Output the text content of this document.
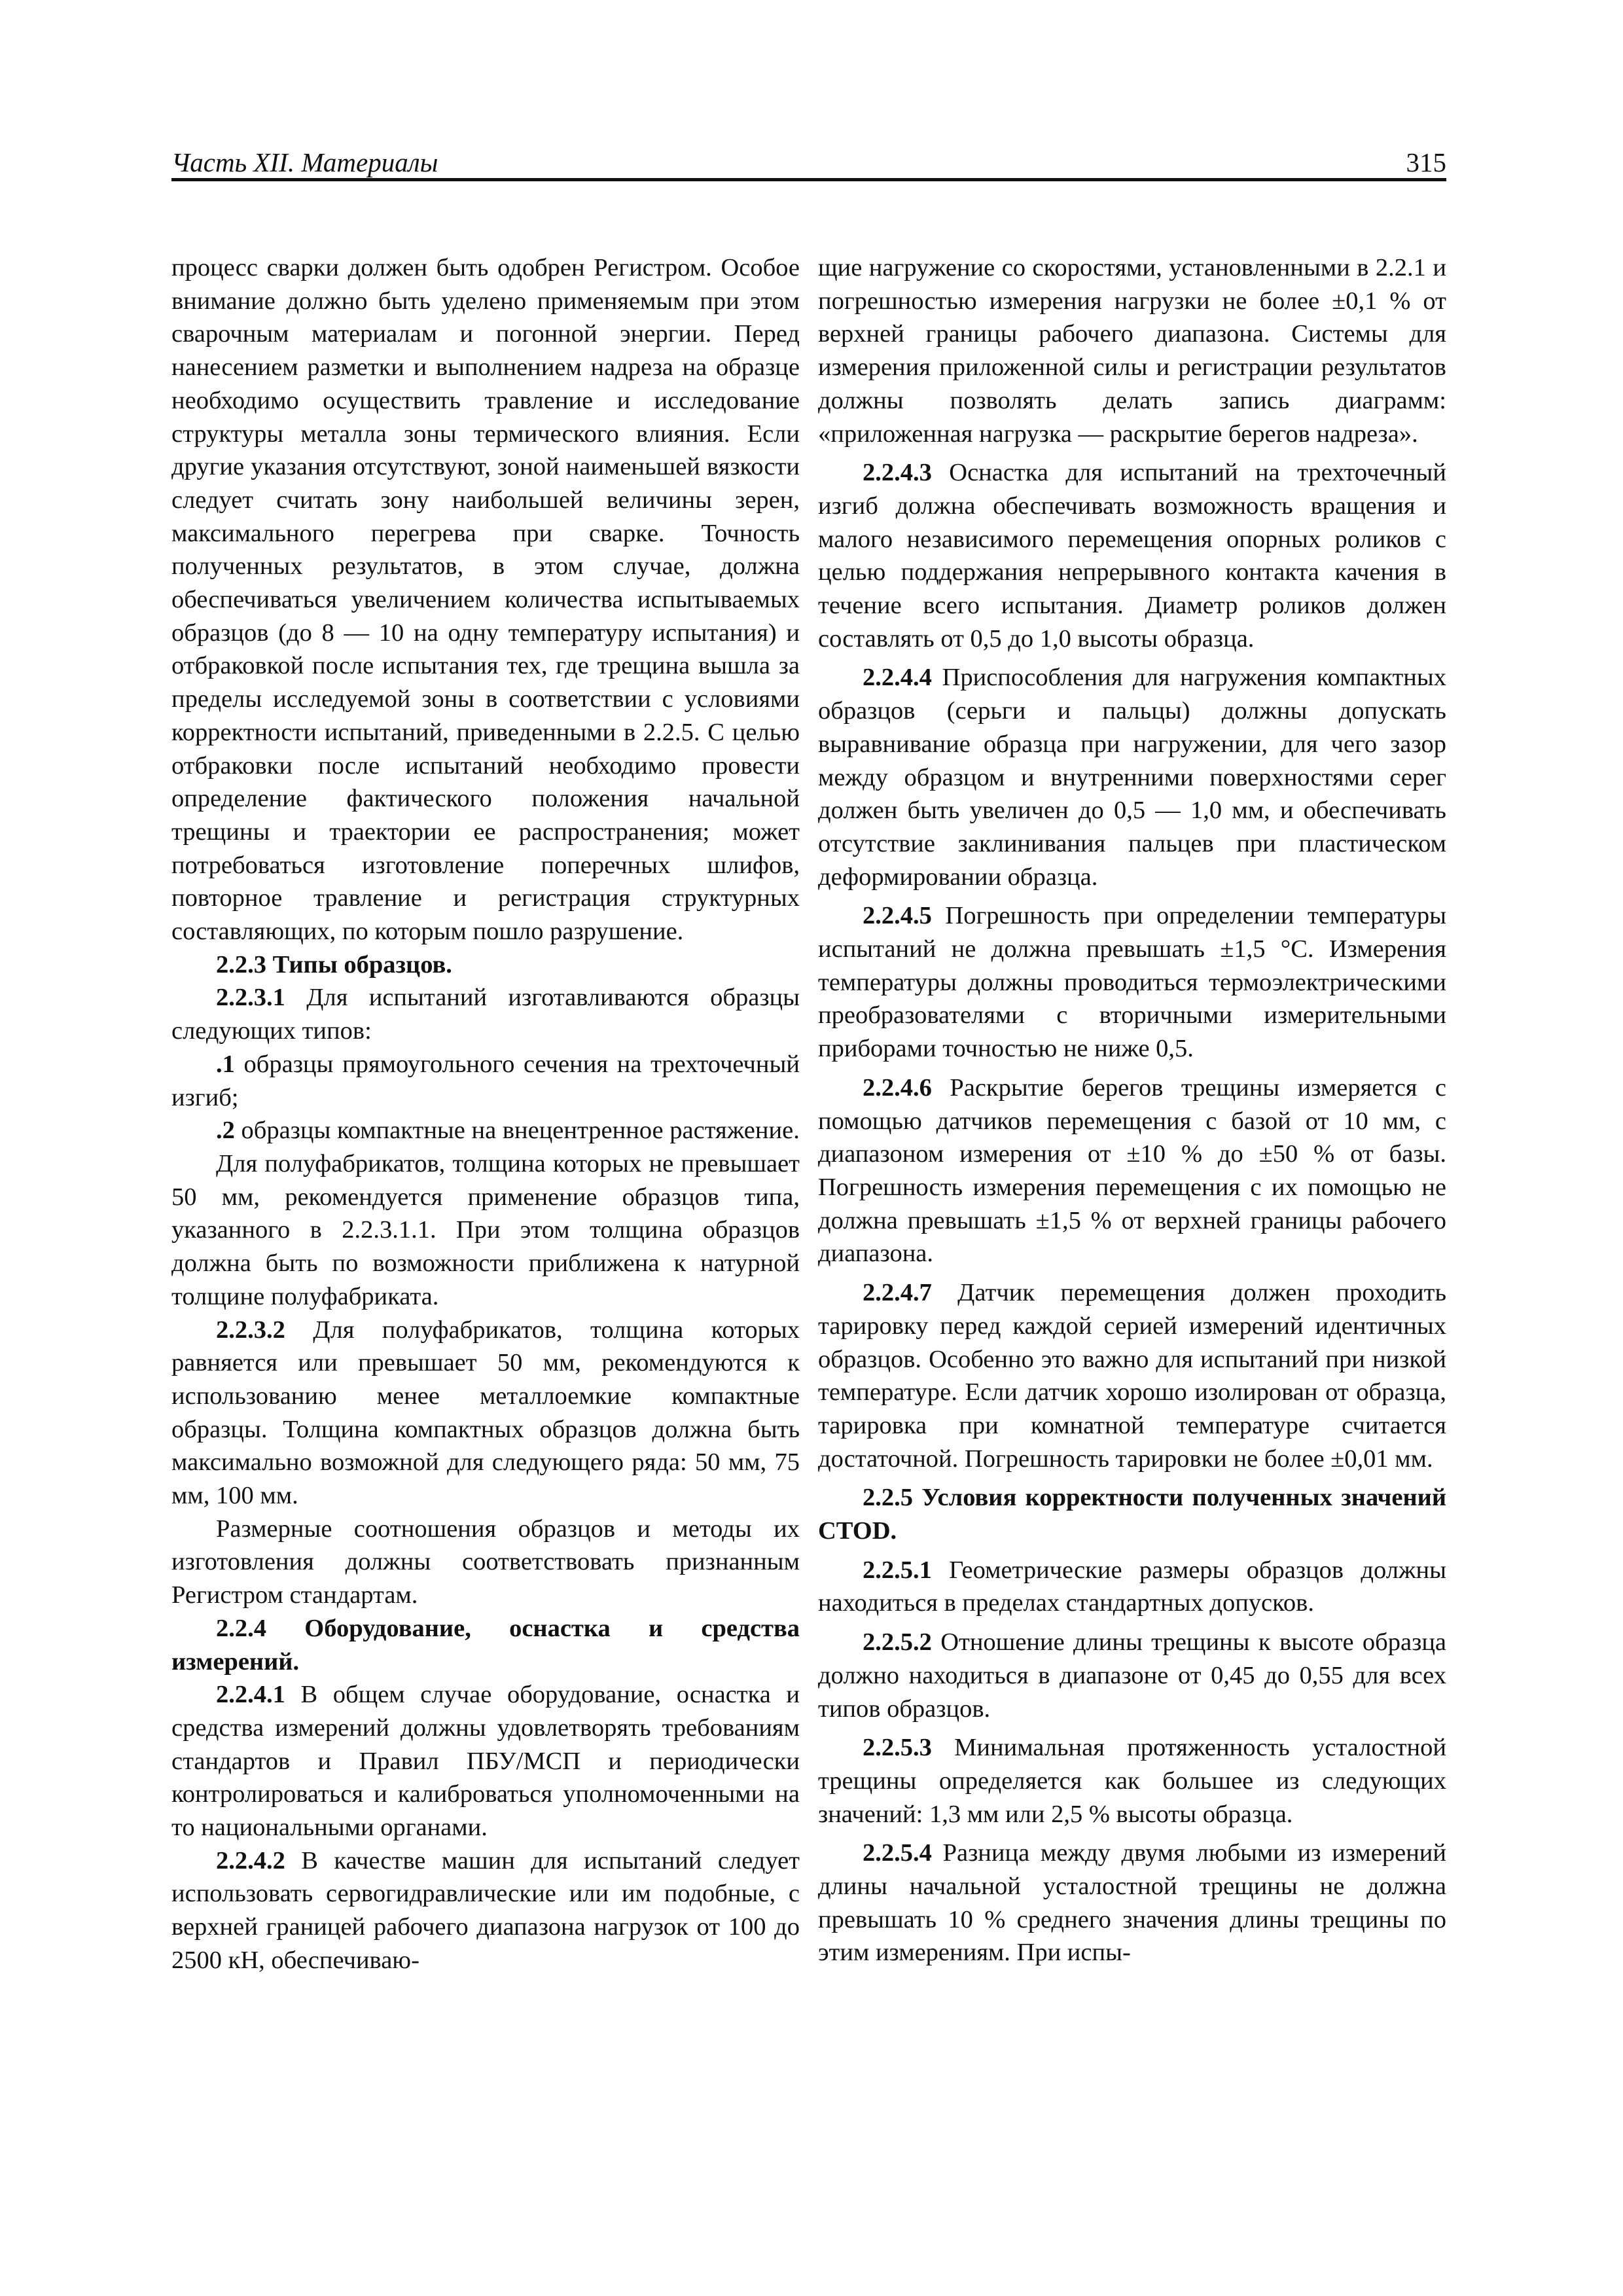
Часть XII. Материалы	315

процесс сварки должен быть одобрен Регистром. Особое внимание должно быть уделено применяемым при этом сварочным материалам и погонной энергии. Перед нанесением разметки и выполнением надреза на образце необходимо осуществить травление и исследование структуры металла зоны термического влияния. Если другие указания отсутствуют, зоной наименьшей вязкости следует считать зону наибольшей величины зерен, максимального перегрева при сварке. Точность полученных результатов, в этом случае, должна обеспечиваться увеличением количества испытываемых образцов (до 8 — 10 на одну температуру испытания) и отбраковкой после испытания тех, где трещина вышла за пределы исследуемой зоны в соответствии с условиями корректности испытаний, приведенными в 2.2.5. С целью отбраковки после испытаний необходимо провести определение фактического положения начальной трещины и траектории ее распространения; может потребоваться изготовление поперечных шлифов, повторное травление и регистрация структурных составляющих, по которым пошло разрушение.

2.2.3 Типы образцов.

2.2.3.1 Для испытаний изготавливаются образцы следующих типов:

.1 образцы прямоугольного сечения на трехточечный изгиб;

.2 образцы компактные на внецентренное растяжение.

Для полуфабрикатов, толщина которых не превышает 50 мм, рекомендуется применение образцов типа, указанного в 2.2.3.1.1. При этом толщина образцов должна быть по возможности приближена к натурной толщине полуфабриката.

2.2.3.2 Для полуфабрикатов, толщина которых равняется или превышает 50 мм, рекомендуются к использованию менее металлоемкие компактные образцы. Толщина компактных образцов должна быть максимально возможной для следующего ряда: 50 мм, 75 мм, 100 мм.

Размерные соотношения образцов и методы их изготовления должны соответствовать признанным Регистром стандартам.

2.2.4 Оборудование, оснастка и средства измерений.

2.2.4.1 В общем случае оборудование, оснастка и средства измерений должны удовлетворять требованиям стандартов и Правил ПБУ/МСП и периодически контролироваться и калиброваться уполномоченными на то национальными органами.

2.2.4.2 В качестве машин для испытаний следует использовать сервогидравлические или им подобные, с верхней границей рабочего диапазона нагрузок от 100 до 2500 кН, обеспечиваю-

щие нагружение со скоростями, установленными в 2.2.1 и погрешностью измерения нагрузки не более ±0,1 % от верхней границы рабочего диапазона. Системы для измерения приложенной силы и регистрации результатов должны позволять делать запись диаграмм: «приложенная нагрузка — раскрытие берегов надреза».

2.2.4.3 Оснастка для испытаний на трехточечный изгиб должна обеспечивать возможность вращения и малого независимого перемещения опорных роликов с целью поддержания непрерывного контакта качения в течение всего испытания. Диаметр роликов должен составлять от 0,5 до 1,0 высоты образца.

2.2.4.4 Приспособления для нагружения компактных образцов (серьги и пальцы) должны допускать выравнивание образца при нагружении, для чего зазор между образцом и внутренними поверхностями серег должен быть увеличен до 0,5 — 1,0 мм, и обеспечивать отсутствие заклинивания пальцев при пластическом деформировании образца.

2.2.4.5 Погрешность при определении температуры испытаний не должна превышать ±1,5 °С. Измерения температуры должны проводиться термоэлектрическими преобразователями с вторичными измерительными приборами точностью не ниже 0,5.

2.2.4.6 Раскрытие берегов трещины измеряется с помощью датчиков перемещения с базой от 10 мм, с диапазоном измерения от ±10 % до ±50 % от базы. Погрешность измерения перемещения с их помощью не должна превышать ±1,5 % от верхней границы рабочего диапазона.

2.2.4.7 Датчик перемещения должен проходить тарировку перед каждой серией измерений идентичных образцов. Особенно это важно для испытаний при низкой температуре. Если датчик хорошо изолирован от образца, тарировка при комнатной температуре считается достаточной. Погрешность тарировки не более ±0,01 мм.

2.2.5 Условия корректности полученных значений CTOD.

2.2.5.1 Геометрические размеры образцов должны находиться в пределах стандартных допусков.

2.2.5.2 Отношение длины трещины к высоте образца должно находиться в диапазоне от 0,45 до 0,55 для всех типов образцов.

2.2.5.3 Минимальная протяженность усталостной трещины определяется как большее из следующих значений: 1,3 мм или 2,5 % высоты образца.

2.2.5.4 Разница между двумя любыми из измерений длины начальной усталостной трещины не должна превышать 10 % среднего значения длины трещины по этим измерениям. При испы-
